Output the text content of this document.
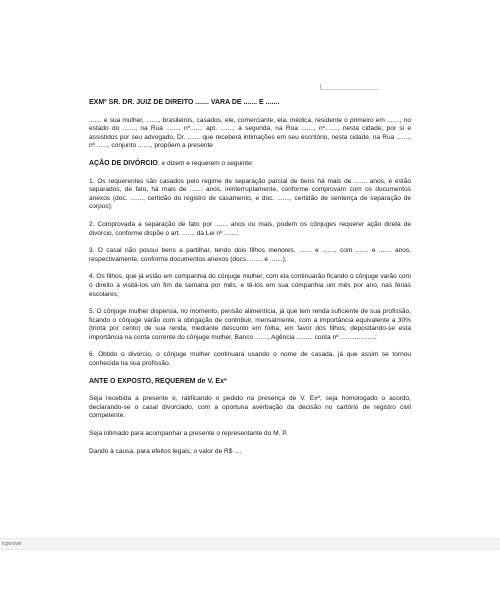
EXMº SR. DR. JUIZ DE DIREITO ....... VARA DE ....... E .......

....... e sua mulher, ......., brasileiros, casados, ele, comerciante, ela, médica, residente o primeiro em ......., no estado do ......., na Rua ......., nº....... apt. .......; a segunda, na Rua ......., nº......., nesta cidade, por si e assistidos por seu advogado, Dr. ....... que receberá intimações em seu escritório, nesta cidade, na Rua ......., nº......., conjunto ......., propõem a presente

AÇÃO DE DIVÓRCIO, e dizem e requerem o seguinte:

1. Os requerentes são casados pelo regime de separação parcial de bens há mais de ....... anos, e estão separados, de fato, há mais de ....... anos, ininterruptamente, conforme comprovam com os documentos anexos (doc. ......., certidão do registro de casamento, e doc. ......., certidão de sentença de separação de corpos);

2. Comprovada a separação de fato por ....... anos ou mais, podem os cônjuges requerer ação direta de divórcio, conforme dispõe o art. ....... da Lei nº .......;

3. O casal não possui bens a partilhar, tendo dois filhos menores, ....... e ......., com ....... e ....... anos, respectivamente, conforme documentos anexos (docs. ....... e .......);

4. Os filhos, que já estão em companhia do cônjuge mulher, com ela continuarão ficando o cônjuge varão com o direito a visitá-los um fim de semana por mês, e tê-los em sua companhia um mês por ano, nas férias escolares;

5. O cônjuge mulher dispensa, no momento, pensão alimentícia, já que tem renda suficiente de sua profissão, ficando o cônjuge varão com a obrigação de contribuir, mensalmente, com a importância equivalente a 30% (trinta por cento) de sua renda, mediante desconto em folha, em favor dos filhos, depositando-se esta importância na conta corrente do cônjuge mulher, Banco ......., Agência ........, conta nº ...................;

6. Obtido o divórcio, o cônjuge mulher continuará usando o nome de casada, já que assim se tornou conhecida na sua profissão.

ANTE O EXPOSTO, REQUEREM de V. Exª

Seja recebida a presente e, ratificando o pedido na presença de V. Exª, seja homologado o acordo, declarando-se o casal divorciado, com a oportuna averbação da decisão no cartório de registro civil competente.

Seja intimado para acompanhar a presente o representante do M. P.

Dando à causa, para efeitos legais, o valor de R$ ....

icponivel
